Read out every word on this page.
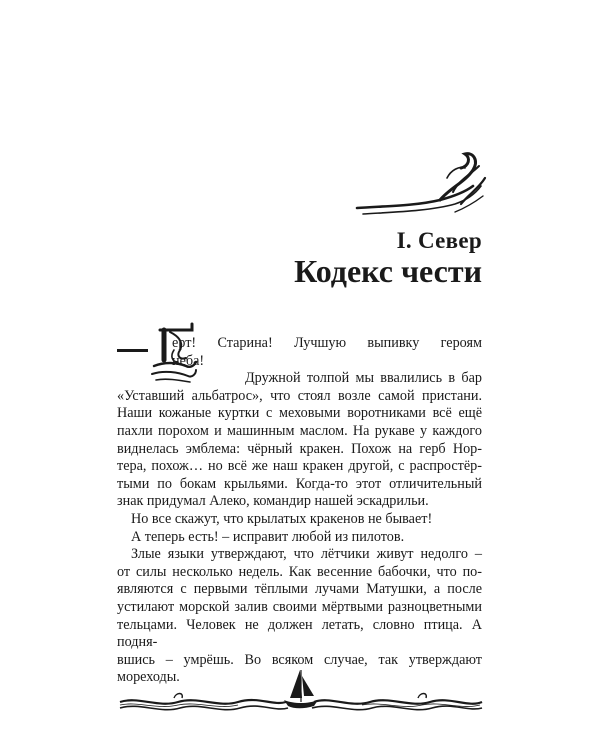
I. Север
Кодекс чести
ерт! Старина! Лучшую выпивку героям
неба!
Дружной толпой мы ввалились в бар
«Уставший альбатрос», что стоял возле самой пристани.
Наши кожаные куртки с меховыми воротниками всё ещё
пахли порохом и машинным маслом. На рукаве у каждого
виднелась эмблема: чёрный кракен. Похож на герб Нор-
тера, похож… но всё же наш кракен другой, с распростёр-
тыми по бокам крыльями. Когда-то этот отличительный
знак придумал Алеко, командир нашей эскадрильи.
Но все скажут, что крылатых кракенов не бывает!
А теперь есть! – исправит любой из пилотов.
Злые языки утверждают, что лётчики живут недолго –
от силы несколько недель. Как весенние бабочки, что по-
являются с первыми тёплыми лучами Матушки, а после
устилают морской залив своими мёртвыми разноцветными
тельцами. Человек не должен летать, словно птица. А подня-
вшись – умрёшь. Во всяком случае, так утверждают
мореходы.
